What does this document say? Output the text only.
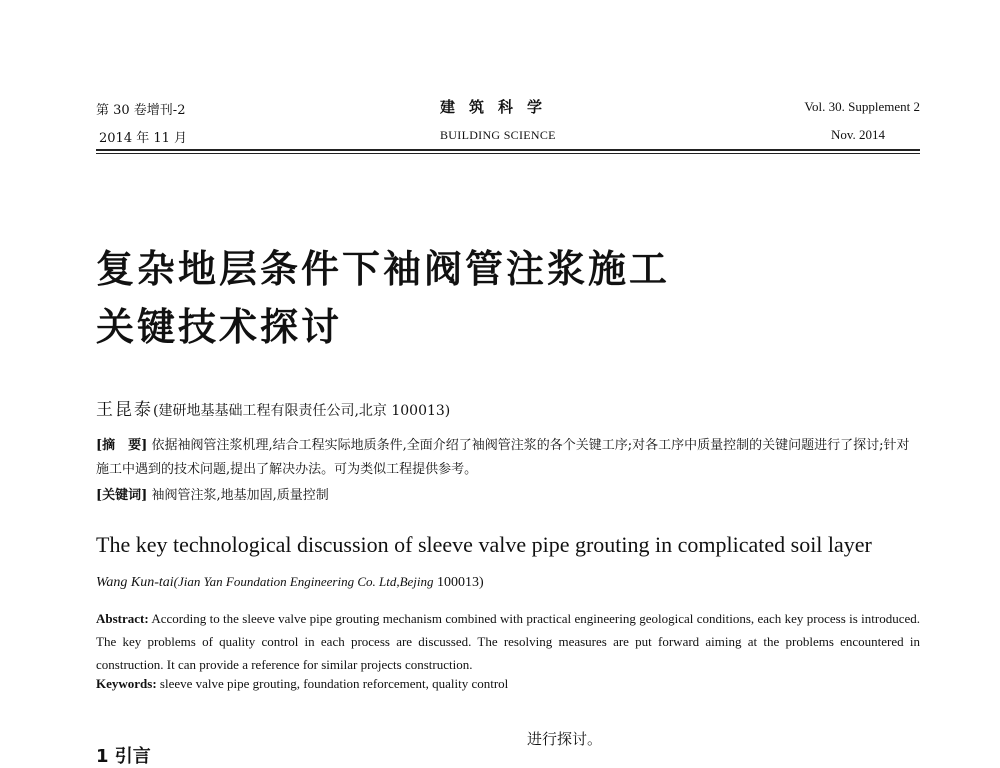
第 30 卷增刊-2
2014 年 11 月
建筑科学
BUILDING SCIENCE
Vol. 30. Supplement 2
Nov. 2014
复杂地层条件下袖阀管注浆施工
关键技术探讨
王昆泰(建研地基基础工程有限责任公司,北京 100013)
[摘　要] 依据袖阀管注浆机理,结合工程实际地质条件,全面介绍了袖阀管注浆的各个关键工序;对各工序中质量控制的关键问题进行了探讨;针对施工中遇到的技术问题,提出了解决办法。可为类似工程提供参考。
[关键词] 袖阀管注浆,地基加固,质量控制
The key technological discussion of sleeve valve pipe grouting in complicated soil layer
Wang Kun-tai(Jian Yan Foundation Engineering Co. Ltd,Bejing 100013)
Abstract: According to the sleeve valve pipe grouting mechanism combined with practical engineering geological conditions, each key process is introduced. The key problems of quality control in each process are discussed. The resolving measures are put forward aiming at the problems encountered in construction. It can provide a reference for similar projects construction.
Keywords: sleeve valve pipe grouting, foundation reforcement, quality control
1 引言
进行探讨。
